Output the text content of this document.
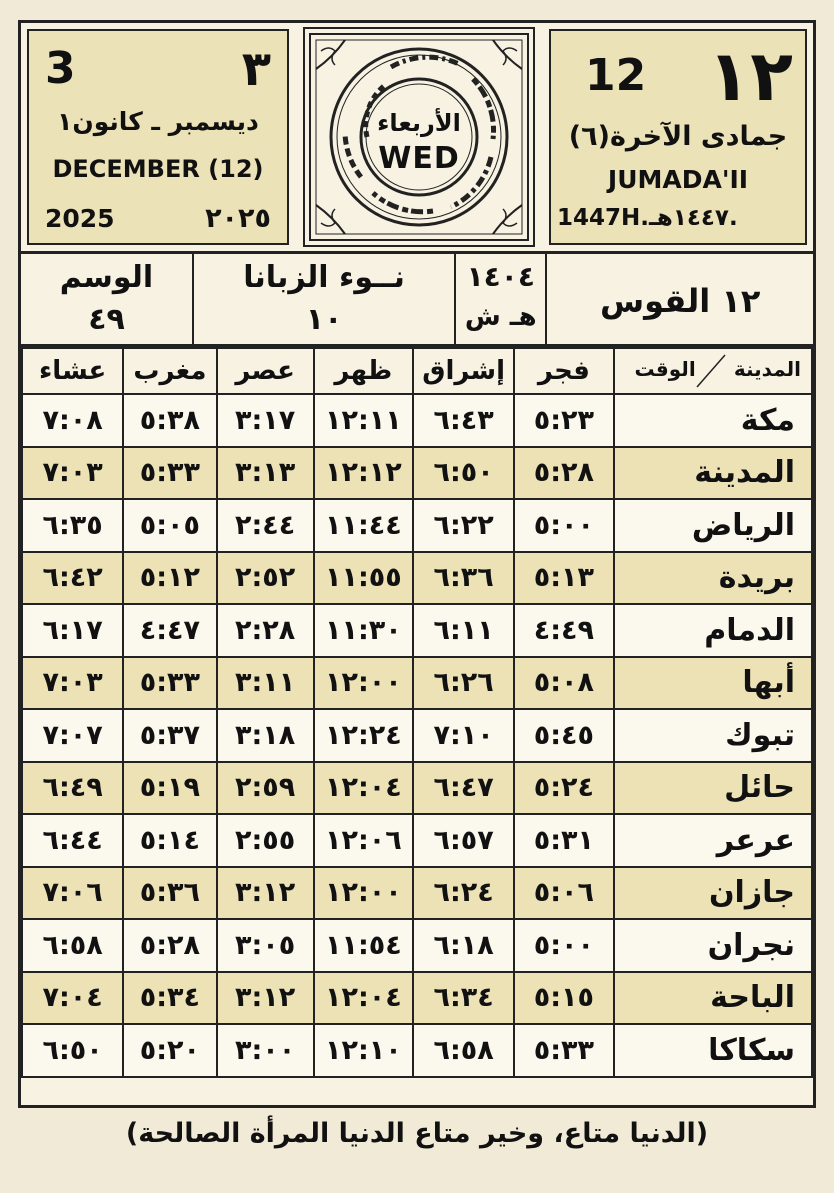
3	٣
ديسمبر ـ كانون١
DECEMBER (12)
2025	٢٠٢٥
الأربعاء
WED
12 ١٢
جمادى الآخرة(٦)
JUMADA'II
1447H.١٤٤٧هـ.
١٢ القوس
١٤٠٤
هـ ش
نــوء الزبانا
١٠
الوسم
٤٩
المدينة
الوقت	فجر	إشراق	ظهر	عصر	مغرب	عشاء
مكة	٥:٢٣	٦:٤٣	١٢:١١	٣:١٧	٥:٣٨	٧:٠٨
المدينة	٥:٢٨	٦:٥٠	١٢:١٢	٣:١٣	٥:٣٣	٧:٠٣
الرياض	٥:٠٠	٦:٢٢	١١:٤٤	٢:٤٤	٥:٠٥	٦:٣٥
بريدة	٥:١٣	٦:٣٦	١١:٥٥	٢:٥٢	٥:١٢	٦:٤٢
الدمام	٤:٤٩	٦:١١	١١:٣٠	٢:٢٨	٤:٤٧	٦:١٧
أبها	٥:٠٨	٦:٢٦	١٢:٠٠	٣:١١	٥:٣٣	٧:٠٣
تبوك	٥:٤٥	٧:١٠	١٢:٢٤	٣:١٨	٥:٣٧	٧:٠٧
حائل	٥:٢٤	٦:٤٧	١٢:٠٤	٢:٥٩	٥:١٩	٦:٤٩
عرعر	٥:٣١	٦:٥٧	١٢:٠٦	٢:٥٥	٥:١٤	٦:٤٤
جازان	٥:٠٦	٦:٢٤	١٢:٠٠	٣:١٢	٥:٣٦	٧:٠٦
نجران	٥:٠٠	٦:١٨	١١:٥٤	٣:٠٥	٥:٢٨	٦:٥٨
الباحة	٥:١٥	٦:٣٤	١٢:٠٤	٣:١٢	٥:٣٤	٧:٠٤
سكاكا	٥:٣٣	٦:٥٨	١٢:١٠	٣:٠٠	٥:٢٠	٦:٥٠
(الدنيا متاع، وخير متاع الدنيا المرأة الصالحة)
